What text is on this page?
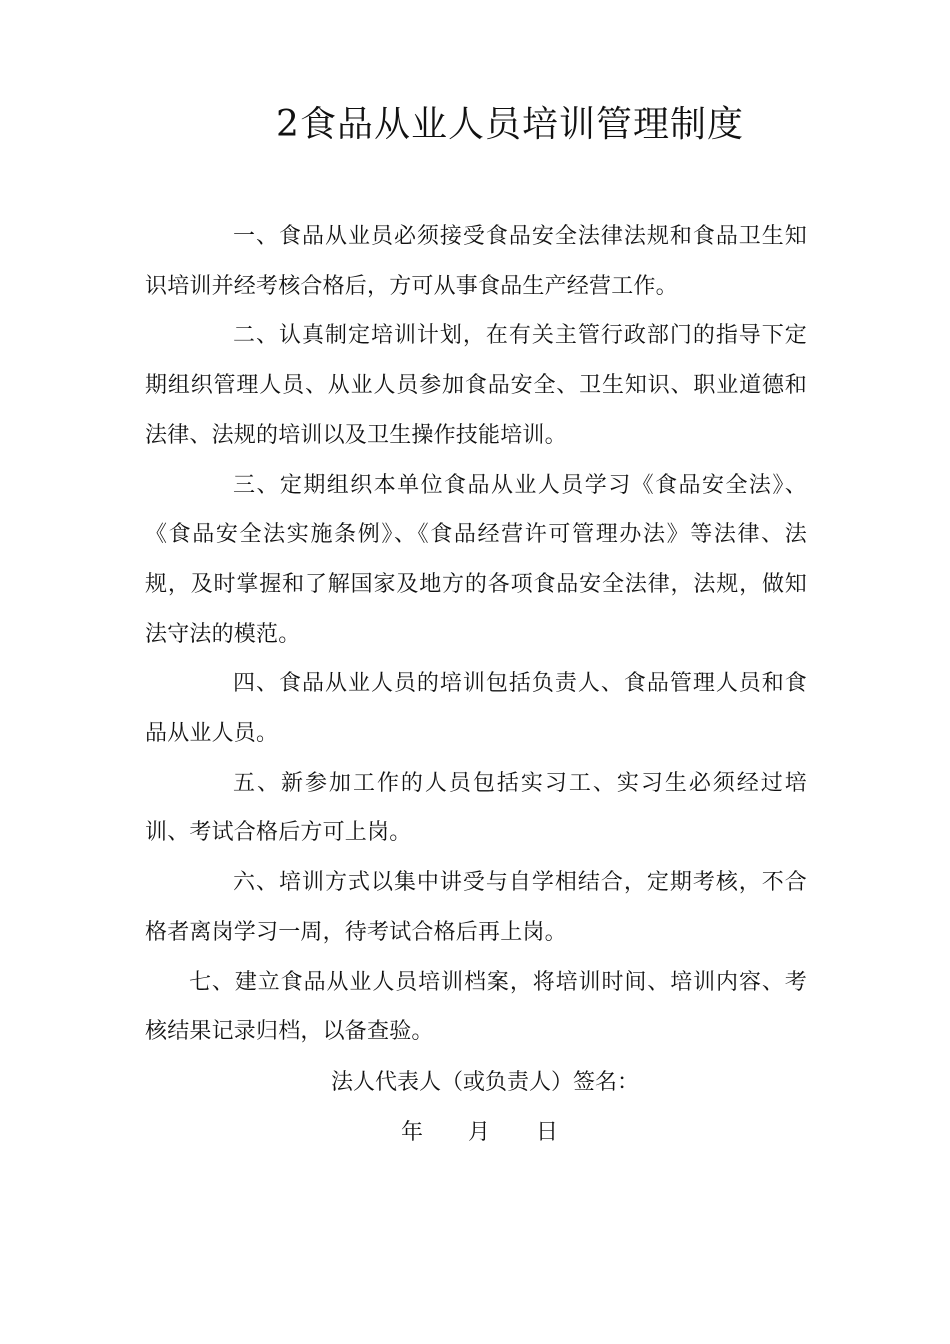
2食品从业人员培训管理制度

一、食品从业员必须接受食品安全法律法规和食品卫生知识培训并经考核合格后，方可从事食品生产经营工作。

二、认真制定培训计划，在有关主管行政部门的指导下定期组织管理人员、从业人员参加食品安全、卫生知识、职业道德和法律、法规的培训以及卫生操作技能培训。

三、定期组织本单位食品从业人员学习《食品安全法》、《食品安全法实施条例》、《食品经营许可管理办法》等法律、法规，及时掌握和了解国家及地方的各项食品安全法律，法规，做知法守法的模范。

四、食品从业人员的培训包括负责人、食品管理人员和食品从业人员。

五、新参加工作的人员包括实习工、实习生必须经过培训、考试合格后方可上岗。

六、培训方式以集中讲受与自学相结合，定期考核，不合格者离岗学习一周，待考试合格后再上岗。

七、建立食品从业人员培训档案，将培训时间、培训内容、考核结果记录归档，以备查验。

法人代表人（或负责人）签名：
年 月 日
